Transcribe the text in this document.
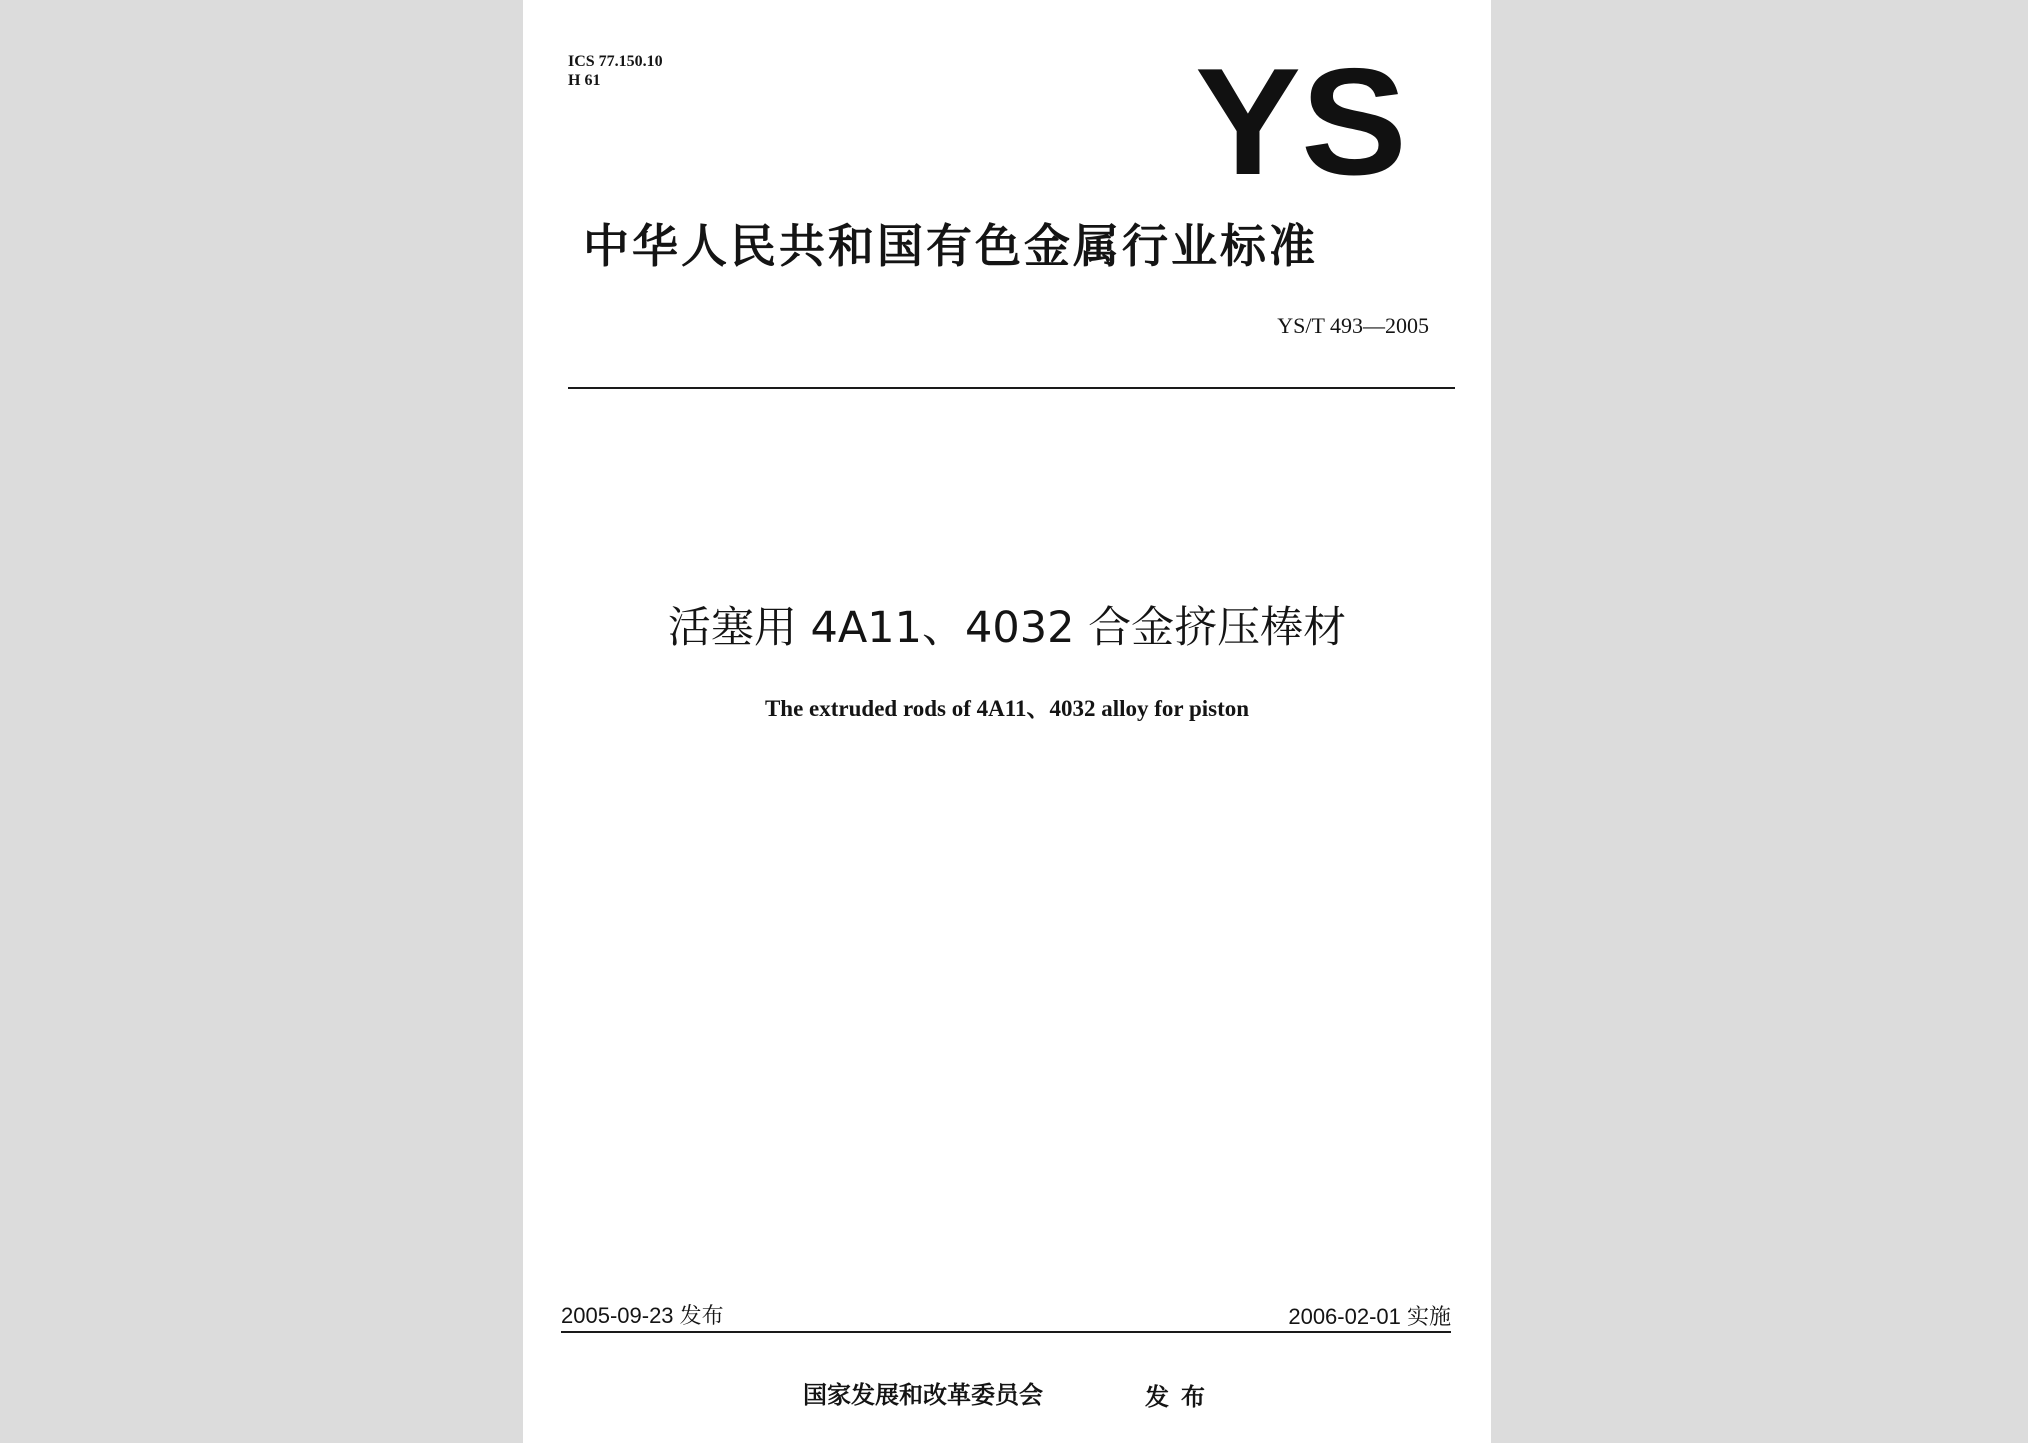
ICS 77.150.10
H 61	YS
中华人民共和国有色金属行业标准
YS/T 493—2005
活塞用 4A11、4032 合金挤压棒材
The extruded rods of 4A11、4032 alloy for piston
2005-09-23 发布	2006-02-01 实施
国家发展和改革委员会	发布
